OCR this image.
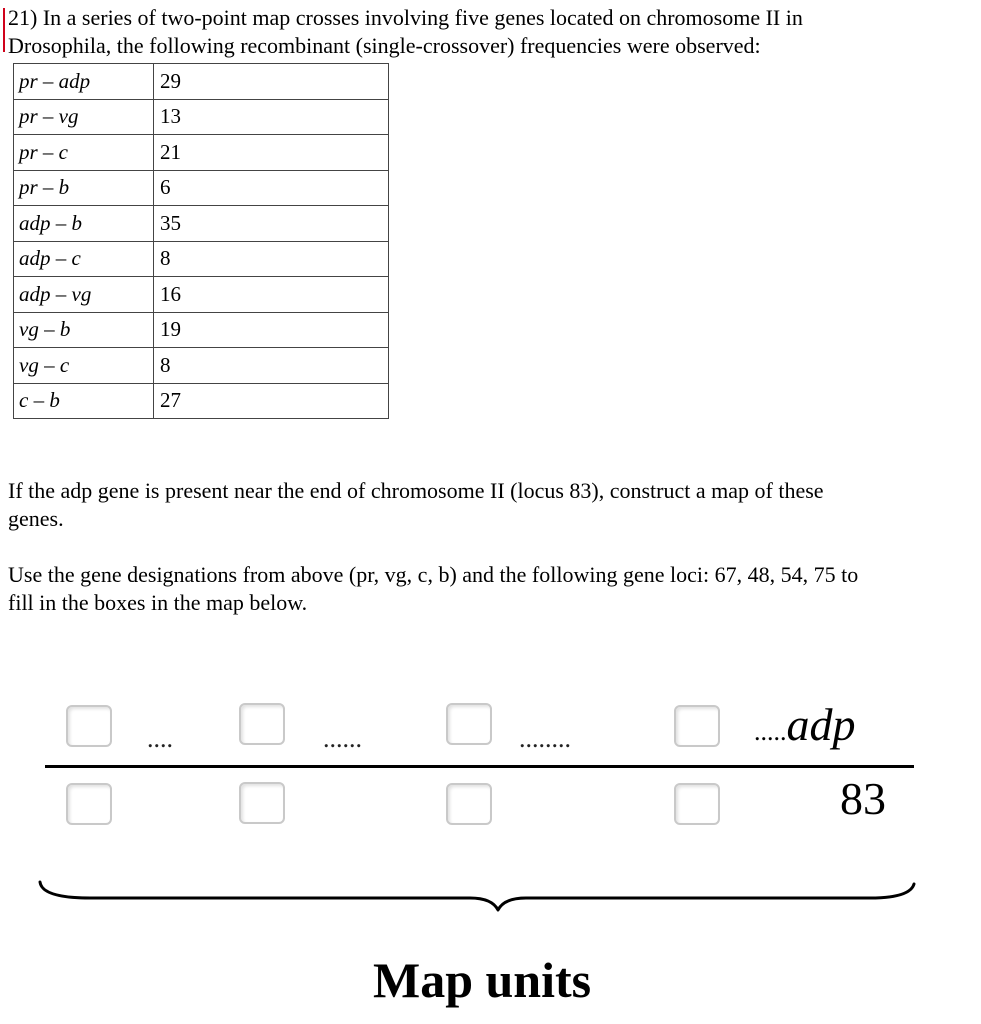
21) In a series of two-point map crosses involving five genes located on chromosome II in
Drosophila, the following recombinant (single-crossover) frequencies were observed:
pr – adp	29
pr – vg	13
pr – c	21
pr – b	6
adp – b	35
adp – c	8
adp – vg	16
vg – b	19
vg – c	8
c – b	27
If the adp gene is present near the end of chromosome II (locus 83), construct a map of these
genes.
Use the gene designations from above (pr, vg, c, b) and the following gene loci: 67, 48, 54, 75 to
fill in the boxes in the map below.
....	......	........	.....adp
83
Map units
